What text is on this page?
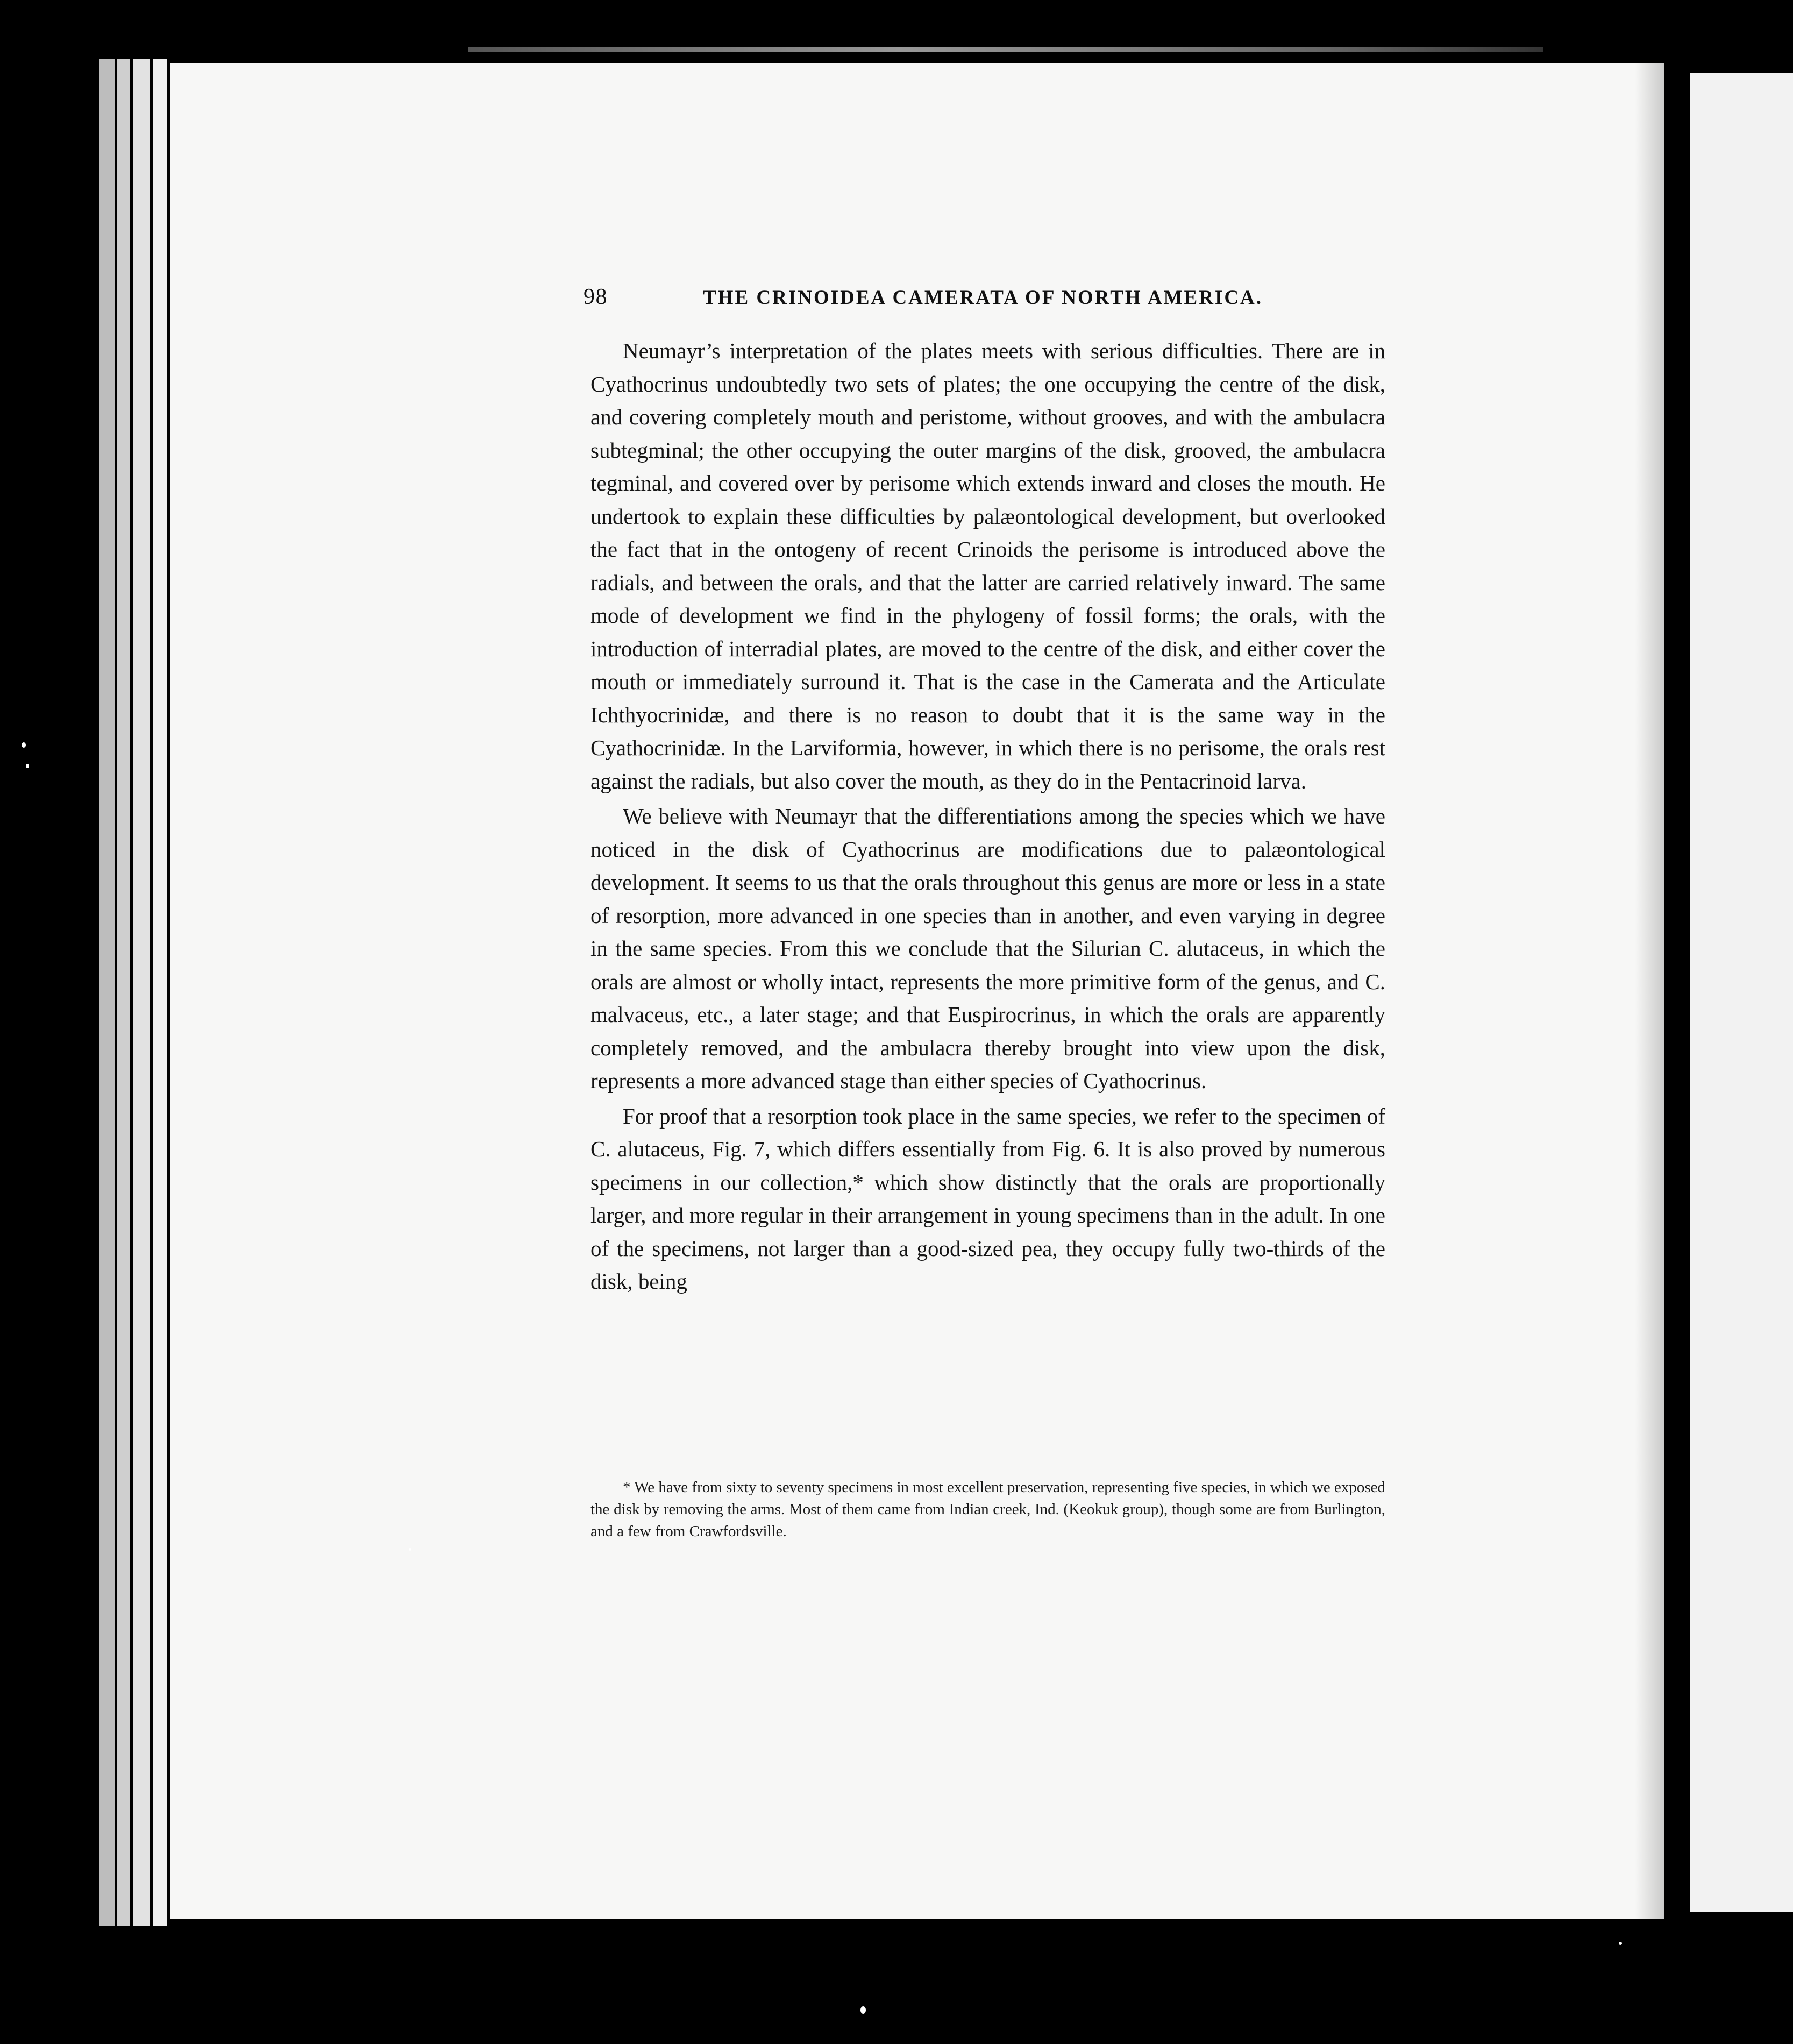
98	THE CRINOIDEA CAMERATA OF NORTH AMERICA.

Neumayr’s interpretation of the plates meets with serious difficulties. There are in Cyathocrinus undoubtedly two sets of plates; the one occupying the centre of the disk, and covering completely mouth and peristome, without grooves, and with the ambulacra subtegminal; the other occupying the outer margins of the disk, grooved, the ambulacra tegminal, and covered over by perisome which extends inward and closes the mouth. He undertook to explain these difficulties by palæontological development, but overlooked the fact that in the ontogeny of recent Crinoids the perisome is introduced above the radials, and between the orals, and that the latter are carried relatively inward. The same mode of development we find in the phylogeny of fossil forms; the orals, with the introduction of interradial plates, are moved to the centre of the disk, and either cover the mouth or immediately surround it. That is the case in the Camerata and the Articulate Ichthyocrinidæ, and there is no reason to doubt that it is the same way in the Cyathocrinidæ. In the Larviformia, however, in which there is no perisome, the orals rest against the radials, but also cover the mouth, as they do in the Pentacrinoid larva.

We believe with Neumayr that the differentiations among the species which we have noticed in the disk of Cyathocrinus are modifications due to palæontological development. It seems to us that the orals throughout this genus are more or less in a state of resorption, more advanced in one species than in another, and even varying in degree in the same species. From this we conclude that the Silurian C. alutaceus, in which the orals are almost or wholly intact, represents the more primitive form of the genus, and C. malvaceus, etc., a later stage; and that Euspirocrinus, in which the orals are apparently completely removed, and the ambulacra thereby brought into view upon the disk, represents a more advanced stage than either species of Cyathocrinus.

For proof that a resorption took place in the same species, we refer to the specimen of C. alutaceus, Fig. 7, which differs essentially from Fig. 6. It is also proved by numerous specimens in our collection,* which show distinctly that the orals are proportionally larger, and more regular in their arrangement in young specimens than in the adult. In one of the specimens, not larger than a good-sized pea, they occupy fully two-thirds of the disk, being

* We have from sixty to seventy specimens in most excellent preservation, representing five species, in which we exposed the disk by removing the arms. Most of them came from Indian creek, Ind. (Keokuk group), though some are from Burlington, and a few from Crawfordsville.
